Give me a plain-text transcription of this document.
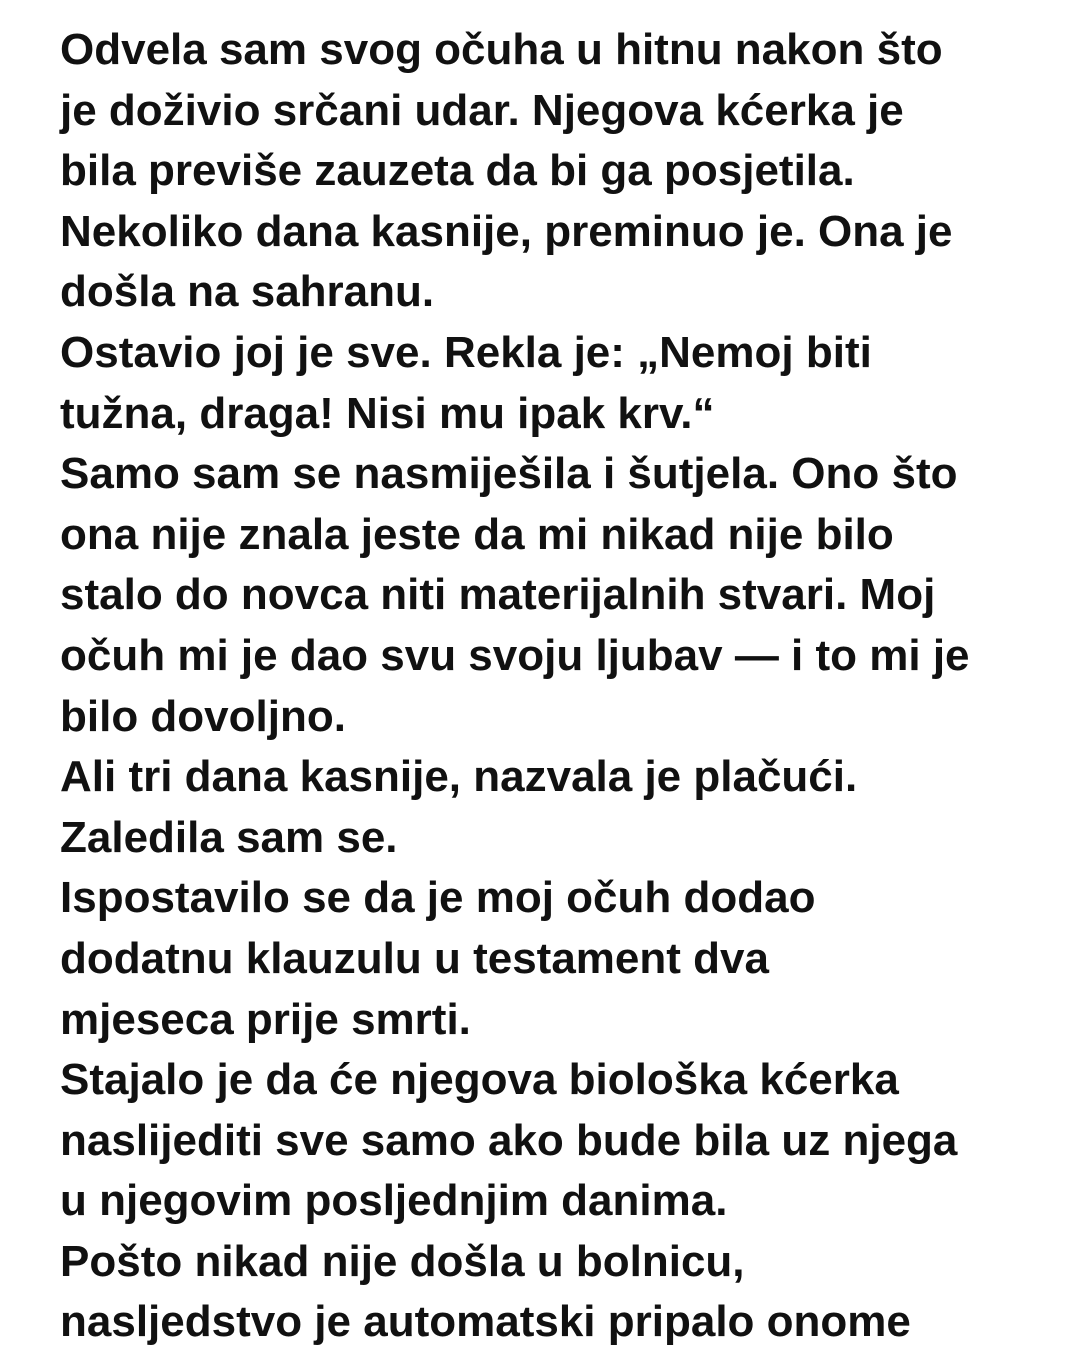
Odvela sam svog očuha u hitnu nakon što
je doživio srčani udar. Njegova kćerka je
bila previše zauzeta da bi ga posjetila.
Nekoliko dana kasnije, preminuo je. Ona je
došla na sahranu.
Ostavio joj je sve. Rekla je: „Nemoj biti
tužna, draga! Nisi mu ipak krv.“
Samo sam se nasmiješila i šutjela. Ono što
ona nije znala jeste da mi nikad nije bilo
stalo do novca niti materijalnih stvari. Moj
očuh mi je dao svu svoju ljubav — i to mi je
bilo dovoljno.
Ali tri dana kasnije, nazvala je plačući.
Zaledila sam se.
Ispostavilo se da je moj očuh dodao
dodatnu klauzulu u testament dva
mjeseca prije smrti.
Stajalo je da će njegova biološka kćerka
naslijediti sve samo ako bude bila uz njega
u njegovim posljednjim danima.
Pošto nikad nije došla u bolnicu,
nasljedstvo je automatski pripalo onome
